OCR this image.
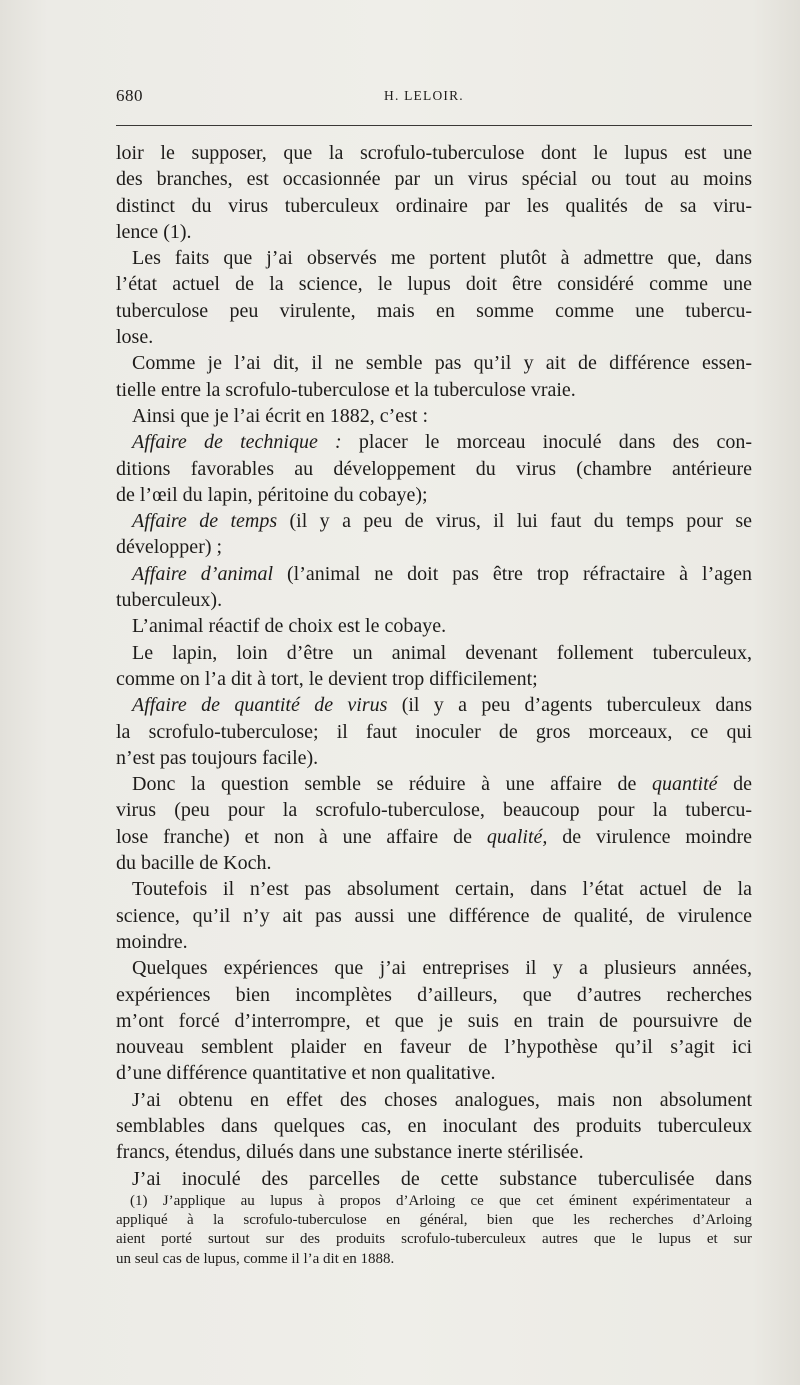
680	H. LELOIR.
loir le supposer, que la scrofulo-tuberculose dont le lupus est une
des branches, est occasionnée par un virus spécial ou tout au moins
distinct du virus tuberculeux ordinaire par les qualités de sa viru-
lence (1).
Les faits que j’ai observés me portent plutôt à admettre que, dans
l’état actuel de la science, le lupus doit être considéré comme une
tuberculose peu virulente, mais en somme comme une tubercu-
lose.
Comme je l’ai dit, il ne semble pas qu’il y ait de différence essen-
tielle entre la scrofulo-tuberculose et la tuberculose vraie.
Ainsi que je l’ai écrit en 1882, c’est :
Affaire de technique : placer le morceau inoculé dans des con-
ditions favorables au développement du virus (chambre antérieure
de l’œil du lapin, péritoine du cobaye);
Affaire de temps (il y a peu de virus, il lui faut du temps pour se
développer) ;
Affaire d’animal (l’animal ne doit pas être trop réfractaire à l’agen
tuberculeux).
L’animal réactif de choix est le cobaye.
Le lapin, loin d’être un animal devenant follement tuberculeux,
comme on l’a dit à tort, le devient trop difficilement;
Affaire de quantité de virus (il y a peu d’agents tuberculeux dans
la scrofulo-tuberculose; il faut inoculer de gros morceaux, ce qui
n’est pas toujours facile).
Donc la question semble se réduire à une affaire de quantité de
virus (peu pour la scrofulo-tuberculose, beaucoup pour la tubercu-
lose franche) et non à une affaire de qualité, de virulence moindre
du bacille de Koch.
Toutefois il n’est pas absolument certain, dans l’état actuel de la
science, qu’il n’y ait pas aussi une différence de qualité, de virulence
moindre.
Quelques expériences que j’ai entreprises il y a plusieurs années,
expériences bien incomplètes d’ailleurs, que d’autres recherches
m’ont forcé d’interrompre, et que je suis en train de poursuivre de
nouveau semblent plaider en faveur de l’hypothèse qu’il s’agit ici
d’une différence quantitative et non qualitative.
J’ai obtenu en effet des choses analogues, mais non absolument
semblables dans quelques cas, en inoculant des produits tuberculeux
francs, étendus, dilués dans une substance inerte stérilisée.
J’ai inoculé des parcelles de cette substance tuberculisée dans
(1) J’applique au lupus à propos d’Arloing ce que cet éminent expérimentateur a
appliqué à la scrofulo-tuberculose en général, bien que les recherches d’Arloing
aient porté surtout sur des produits scrofulo-tuberculeux autres que le lupus et sur
un seul cas de lupus, comme il l’a dit en 1888.
